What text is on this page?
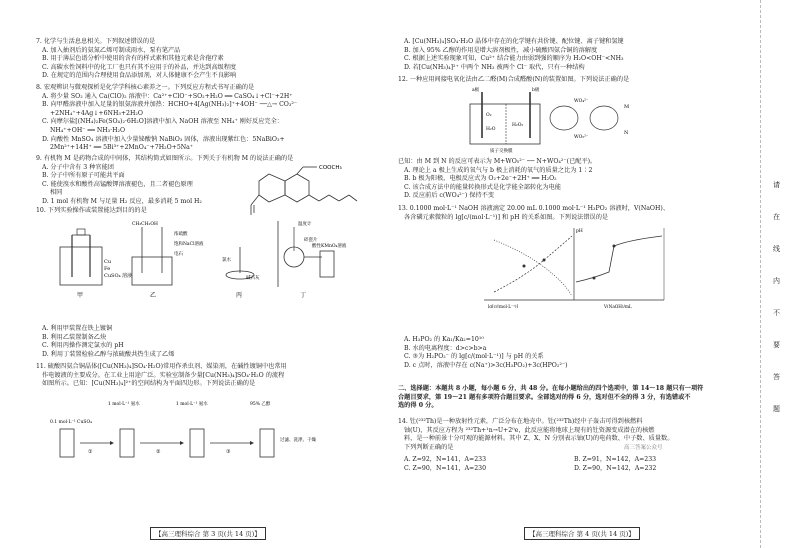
7. 化学与生活息息相关。下列叙述错误的是

A. 加入抽剂后的氨氮乙烯可制成雨水，泵有笔产品

B. 用于薄层色谱分析中使用的含有的样式素和其他元素是含孢疗素

C. 高碳水性饲料中的化工厂也只有其不应用于的补品，并达到高级程度

D. 在规定的范围内合理使用食品添加剂，对人体健康不会产生不良影响

8. 宏观辨识与微观探析是化学学科核心素养之一。下列反应方程式书写正确的是

A. 将少量 SO₂ 通入 Ca(ClO)₂ 溶液中：Ca²⁺+ClO⁻+SO₂+H₂O ══ CaSO₄↓+Cl⁻+2H⁺

B. 向甲醛溶液中加入足量的银氨溶液并加热：HCHO+4[Ag(NH₃)₂]⁺+4OH⁻ ──△→ CO₃²⁻

+2NH₄⁺+4Ag↓+6NH₃+2H₂O

C. 向摩尔盐[(NH₄)₂Fe(SO₄)₂·6H₂O]溶液中加入 NaOH 溶液至 NH₄⁺ 刚好反应完全：

NH₄⁺+OH⁻ ══ NH₃·H₂O

D. 向酸性 MnSO₄ 溶液中加入少量铋酸钠 NaBiO₃ 固体，溶液出现紫红色：5NaBiO₃+

2Mn²⁺+14H⁺ ══ 5Bi³⁺+2MnO₄⁻+7H₂O+5Na⁺

9. 有机物 M 是药物合成的中间体，其结构简式如图所示。下列关于有机物 M 的说法正确的是

A. 分子中含有 3 种官能团

B. 分子中所有原子可能共平面

C. 能使溴水和酸性高锰酸钾溶液褪色，且二者褪色原理

相同

D. 1 mol 有机物 M 与足量 H₂ 反应，最多消耗 5 mol H₂

COOCH₃

10. 下列实验操作或装置能达到目的的是

Cu
Fe
CuSO₄ 溶液
甲
CH₃CH₂OH
浓硫酸
饱和NaCl溶液
电石
乙
氯水
碱石灰
丙
温度计
碎瓷片
酸性KMnO₄溶液
丁

A. 利用甲装置在铁上镀铜

B. 利用乙装置制备乙炔

C. 利用丙操作测定氯水的 pH

D. 利用丁装置检验乙醇与浓硫酸共热生成了乙烯

11. 硫酸四氨合铜晶体([Cu(NH₃)₄]SO₄·H₂O)常用作杀虫剂、媒染剂，在碱性镀铜中也常用

作电镀液的主要成分。在工业上用途广泛。实验室制备少量[Cu(NH₃)₄]SO₄·H₂O 的流程

如图所示。已知：[Cu(NH₃)₄]²⁺的空间结构为平面四边形。下列说法正确的是

0.1 mol·L⁻¹ CuSO₄
①
1 mol·L⁻¹ 氨水
②
1 mol·L⁻¹ 氨水
③
95% 乙醇
过滤、洗涤、干燥
【高三理科综合 第 3 页(共 14 页)】

A. [Cu(NH₃)₄]SO₄·H₂O 晶体中存在的化学键有共价键、配位键、离子键和氢键

B. 加入 95% 乙醇的作用是增大溶剂极性，减小硫酸四氨合铜的溶解度

C. 根据上述实验现象可知，Cu²⁺ 结合能力由弱到强的顺序为 H₂O<OH⁻<NH₃

D. 若[Cu(NH₃)₄]²⁺ 中两个 NH₃ 被两个 Cl⁻ 取代，只有一种结构

12. 一种应用间接电氧化法由乙二醛(M)合成醛酸(N)的装置如图。下列说法正确的是

a极	b极
O₂
H₂O
H₂O₂
质子交换膜
WO₄²⁻
WO₅²⁻
M
N

已知：由 M 到 N 的反应可表示为 M+WO₅²⁻ ── N+WO₄²⁻(已配平)。

A. 理论上 a 极上生成的氧气与 b 极上消耗的氧气的质量之比为 1∶2

B. b 极为阳极，电极反应式为 O₂+2e⁻+2H⁺ ══ H₂O₂

C. 该合成方法中的能量转换形式是化学能全部转化为电能

D. 反应前后 c(WO₄²⁻) 保持不变

13. 0.1000 mol·L⁻¹ NaOH 溶液滴定 20.00 mL 0.1000 mol·L⁻¹ H₃PO₂ 溶液时，V(NaOH)、

各含磷元素微粒的 lg[c/(mol·L⁻¹)] 和 pH 的关系如图。下列说法错误的是

pH
lg[c/(mol·L⁻¹)]	V(NaOH)/mL

A. H₃PO₂ 的 Ka₁/Ka₂=10¹⁰

B. 水的电离程度：d>c>b>a

C. ③为 H₂PO₂⁻ 的 lg[c/(mol·L⁻¹)] 与 pH 的关系

D. c 点时，溶液中存在 c(Na⁺)>3c(H₃PO₂)+3c(HPO₂²⁻)

二、选择题：本题共 8 小题，每小题 6 分，共 48 分。在每小题给出的四个选项中，第 14～18 题只有一项符

合题目要求，第 19～21 题有多项符合题目要求。全部选对的得 6 分，选对但不全的得 3 分，有选错或不

选的得 0 分。

14. 钍(²³²Th)是一种放射性元素，广泛分布在地壳中。钍(²³²Th)经中子轰击可得到核燃料

铀(U)，其反应方程为 ²³²Th+¹n→U+2⁰e，此反应能将地球上现有的钍资源变成潜在的核燃

料，是一种前景十分可观的能源材料。其中 Z、X、N 分别表示铀(U)的电荷数、中子数、质量数。

下列判断正确的是

A. Z=92，N=141，A=233	B. Z=91，N=142，A=233

C. Z=90，N=141，A=230	D. Z=90，N=142，A=232

高三答案公众号
【高三理科综合 第 4 页(共 14 页)】
请
在
线
内
不
要
答
题
